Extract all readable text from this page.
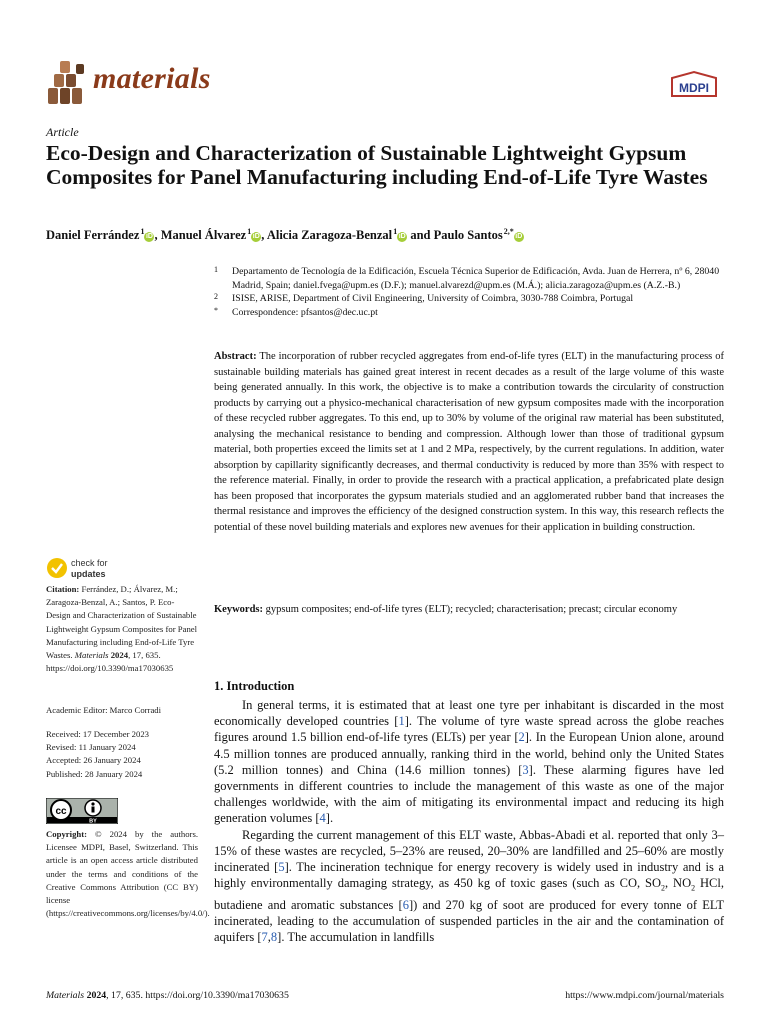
materials	MDPI
Article
Eco-Design and Characterization of Sustainable Lightweight Gypsum Composites for Panel Manufacturing including End-of-Life Tyre Wastes
Daniel Ferrández $^1$iD , Manuel Álvarez $^1$iD , Alicia Zaragoza-Benzal $^1$iD and Paulo Santos $^{2,*}$iD
1 Departamento de Tecnología de la Edificación, Escuela Técnica Superior de Edificación, Avda. Juan de Herrera, nº 6, 28040 Madrid, Spain; daniel.fvega@upm.es (D.F.); manuel.alvarezd@upm.es (M.Á.); alicia.zaragoza@upm.es (A.Z.-B.)
2 ISISE, ARISE, Department of Civil Engineering, University of Coimbra, 3030-788 Coimbra, Portugal
* Correspondence: pfsantos@dec.uc.pt
Abstract: The incorporation of rubber recycled aggregates from end-of-life tyres (ELT) in the manufacturing process of sustainable building materials has gained great interest in recent decades as a result of the large volume of this waste being generated annually. In this work, the objective is to make a contribution towards the circularity of construction products by carrying out a physico-mechanical characterisation of new gypsum composites made with the incorporation of these recycled rubber aggregates. To this end, up to 30% by volume of the original raw material has been substituted, analysing the mechanical resistance to bending and compression. Although lower than those of traditional gypsum material, both properties exceed the limits set at 1 and 2 MPa, respectively, by the current regulations. In addition, water absorption by capillarity significantly decreases, and thermal conductivity is reduced by more than 35% with respect to the reference material. Finally, in order to provide the research with a practical application, a prefabricated plate design has been proposed that incorporates the gypsum materials studied and an agglomerated rubber band that increases the thermal resistance and improves the efficiency of the designed construction system. In this way, this research reflects the potential of these novel building materials and explores new avenues for their application in building construction.
Keywords: gypsum composites; end-of-life tyres (ELT); recycled; characterisation; precast; circular economy
1. Introduction

In general terms, it is estimated that at least one tyre per inhabitant is discarded in the most economically developed countries [1]. The volume of tyre waste spread across the globe reaches figures around 1.5 billion end-of-life tyres (ELTs) per year [2]. In the European Union alone, around 4.5 million tonnes are produced annually, ranking third in the world, behind only the United States (5.2 million tonnes) and China (14.6 million tonnes) [3]. These alarming figures have led governments in different countries to include the management of this waste as one of the major challenges worldwide, with the aim of mitigating its environmental impact and reducing its high generation volumes [4].

Regarding the current management of this ELT waste, Abbas-Abadi et al. reported that only 3–15% of these wastes are recycled, 5–23% are reused, 20–30% are landfilled and 25–60% are mostly incinerated [5]. The incineration technique for energy recovery is widely used in industry and is a highly environmentally damaging strategy, as 450 kg of toxic gases (such as CO, $SO_2$, $NO_2$ HCl, butadiene and aromatic substances [6]) and 270 kg of soot are produced for every tonne of ELT incinerated, leading to the accumulation of suspended particles in the air and the contamination of aquifers [7,8]. The accumulation in landfills

check for
updates
Citation: Ferrández, D.; Álvarez, M.; Zaragoza-Benzal, A.; Santos, P. Eco-Design and Characterization of Sustainable Lightweight Gypsum Composites for Panel Manufacturing including End-of-Life Tyre Wastes. Materials 2024, 17, 635. https://doi.org/10.3390/ma17030635
Academic Editor: Marco Corradi
Received: 17 December 2023
Revised: 11 January 2024
Accepted: 26 January 2024
Published: 28 January 2024
cc
BY
Copyright: © 2024 by the authors. Licensee MDPI, Basel, Switzerland. This article is an open access article distributed under the terms and conditions of the Creative Commons Attribution (CC BY) license (https://creativecommons.org/licenses/by/4.0/).
Materials 2024, 17, 635. https://doi.org/10.3390/ma17030635	https://www.mdpi.com/journal/materials
